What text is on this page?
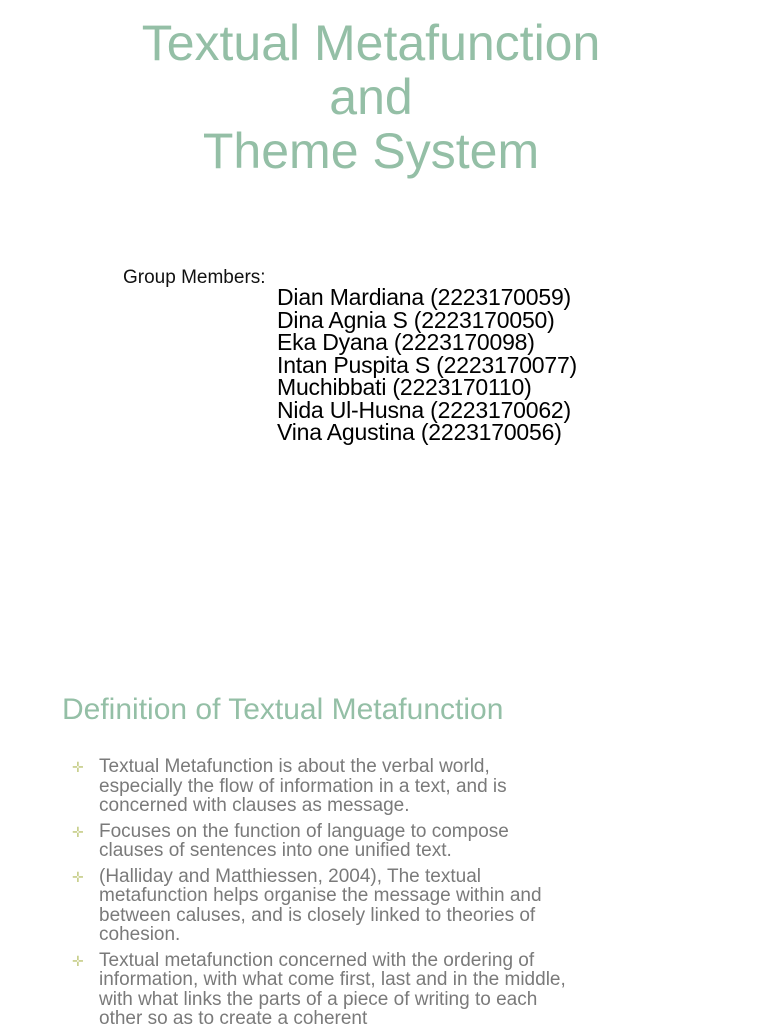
Textual Metafunction
and
Theme System
Group Members:
Dian Mardiana (2223170059)
Dina Agnia S (2223170050)
Eka Dyana (2223170098)
Intan Puspita S (2223170077)
Muchibbati (2223170110)
Nida Ul-Husna (2223170062)
Vina Agustina (2223170056)
Definition of Textual Metafunction
✛ Textual Metafunction is about the verbal world, especially the flow of information in a text, and is concerned with clauses as message.
✛ Focuses on the function of language to compose clauses of sentences into one unified text.
✛ (Halliday and Matthiessen, 2004), The textual metafunction helps organise the message within and between caluses, and is closely linked to theories of cohesion.
✛ Textual metafunction concerned with the ordering of information, with what come first, last and in the middle, with what links the parts of a piece of writing to each other so as to create a coherent
